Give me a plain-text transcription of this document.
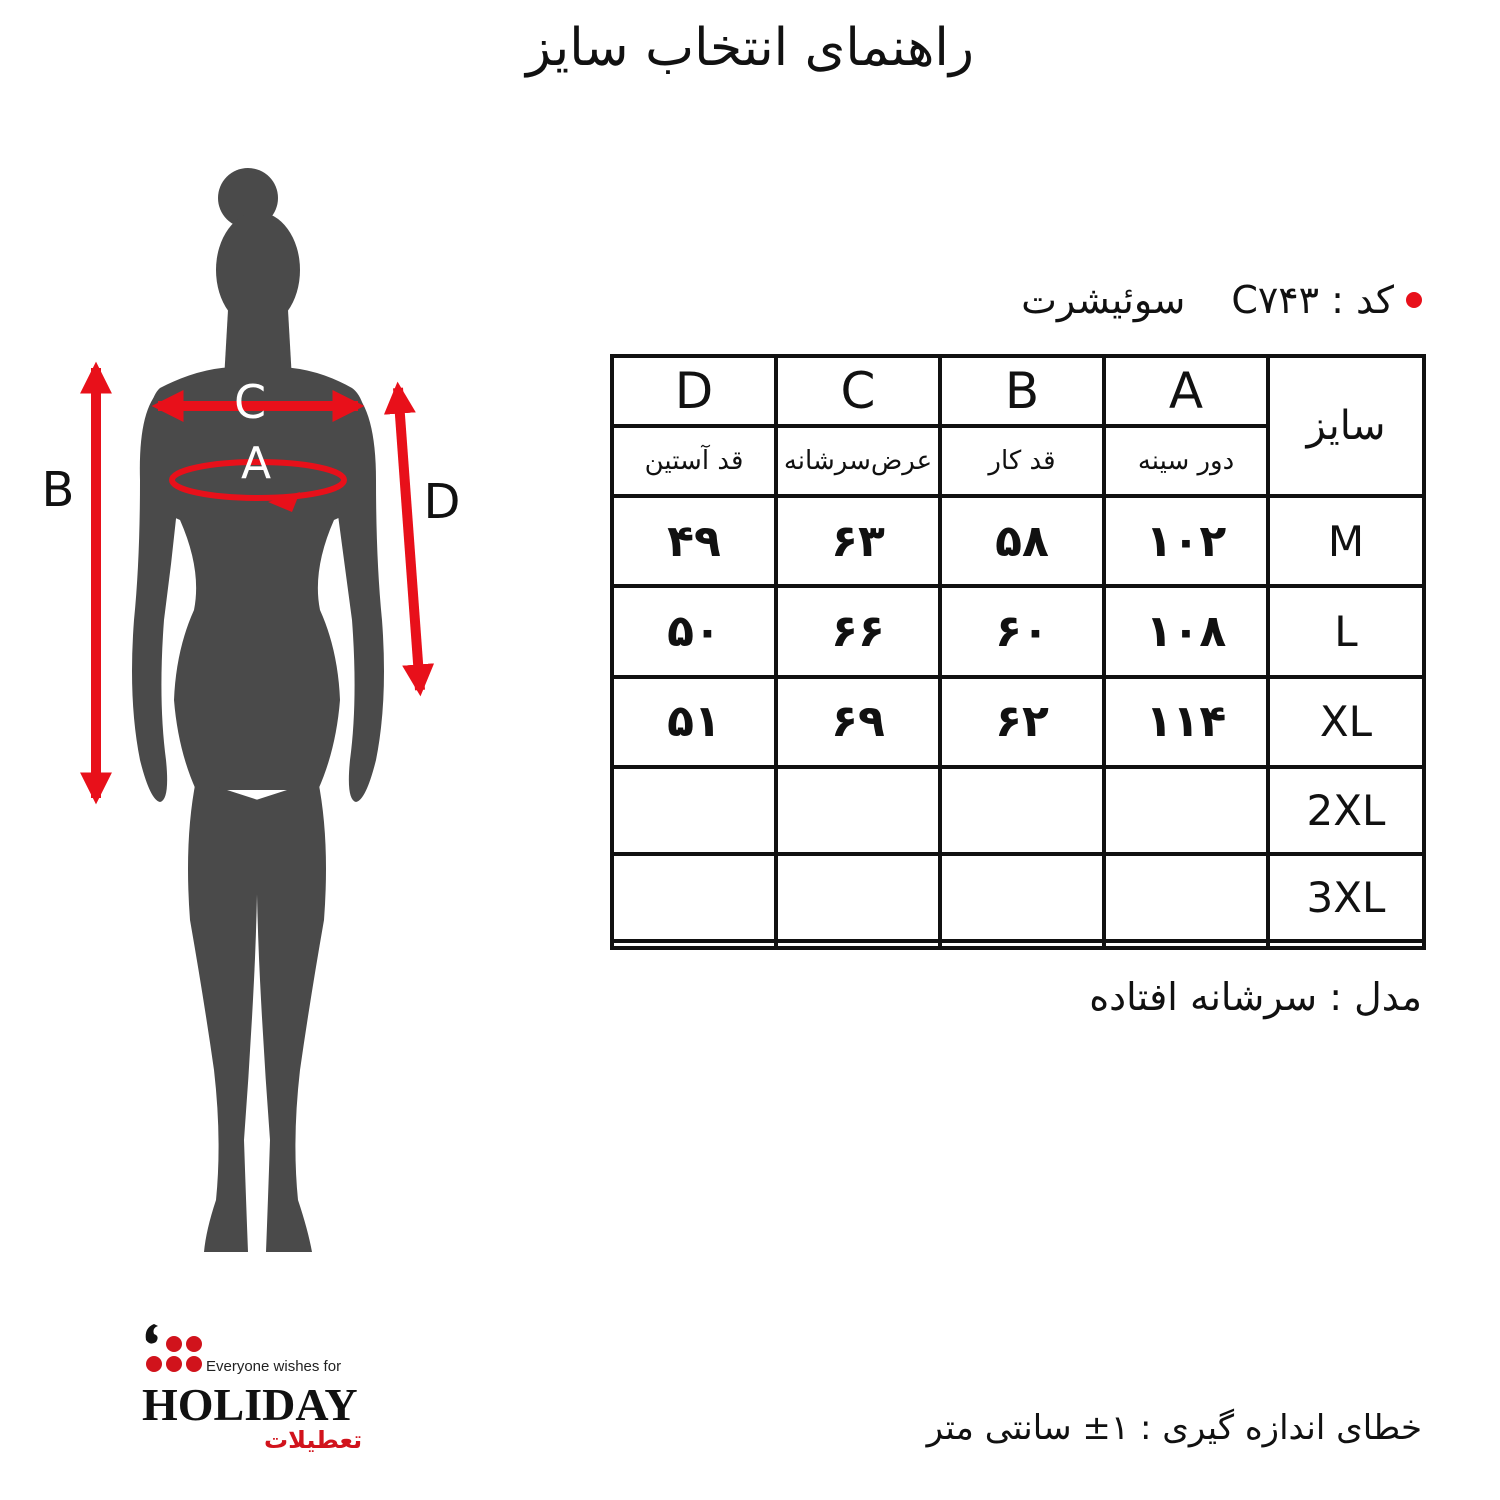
راهنمای انتخاب سایز
C
A
B	D
کد :
C۷۴۳
سوئیشرت
D	C	B	A	سایز
قد آستین	عرض‌سرشانه	قد کار	دور سینه	
۴۹	۶۳	۵۸	۱۰۲	M
۵۰	۶۶	۶۰	۱۰۸	L
۵۱	۶۹	۶۲	۱۱۴	XL
				2XL
				3XL

مدل : سرشانه افتاده
Everyone wishes for
HOLIDAY
تعطیلات	خطای اندازه گیری : ۱± سانتی متر
